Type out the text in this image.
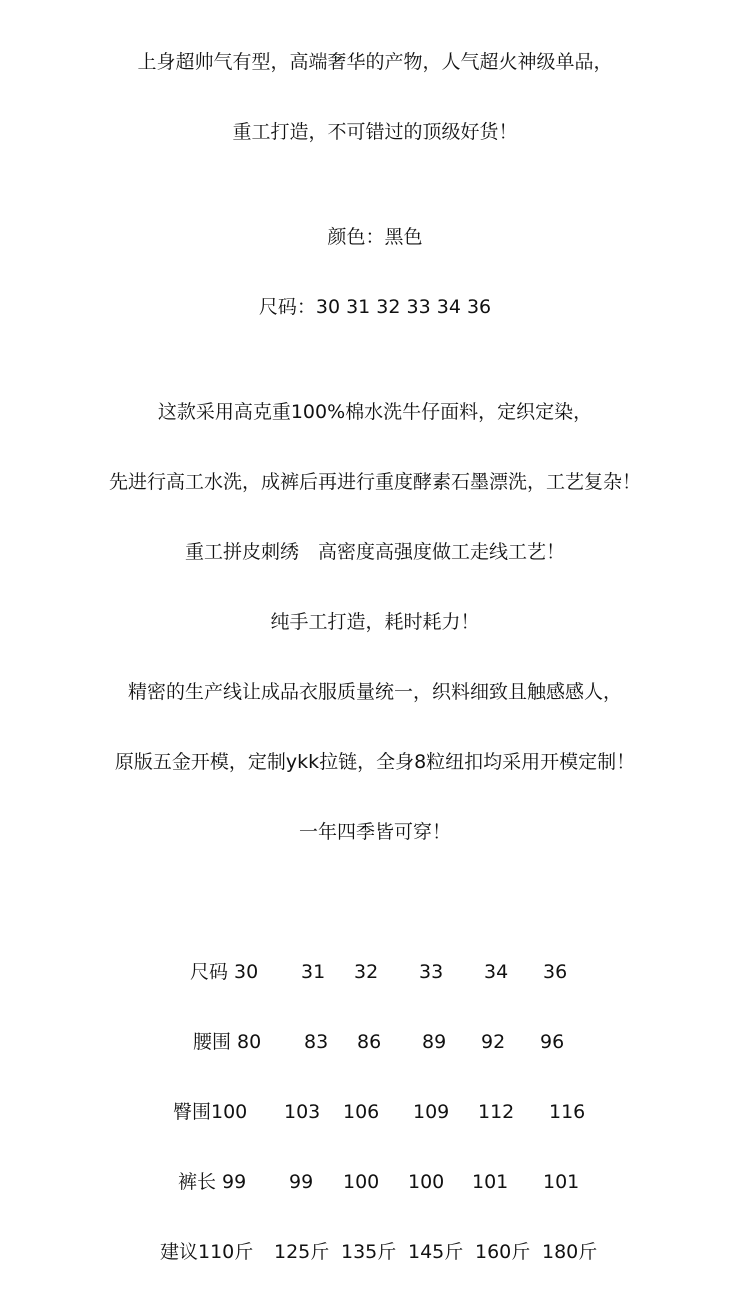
上身超帅气有型，高端奢华的产物，人气超火神级单品，
重工打造，不可错过的顶级好货！
颜色：黑色
尺码：30 31 32 33 34 36
这款采用高克重100%棉水洗牛仔面料，定织定染，
先进行高工水洗，成裤后再进行重度酵素石墨漂洗，工艺复杂！
重工拼皮刺绣　高密度高强度做工走线工艺！
纯手工打造，耗时耗力！
精密的生产线让成品衣服质量统一，织料细致且触感感人，
原版五金开模，定制ykk拉链，全身8粒纽扣均采用开模定制！
一年四季皆可穿！
尺码 30 31 32 33 34 36
腰围 80 83 86 89 92 96
臀围100 103 106 109 112 116
裤长 99 99 100 100 101 101
建议110斤 125斤 135斤 145斤 160斤 180斤
